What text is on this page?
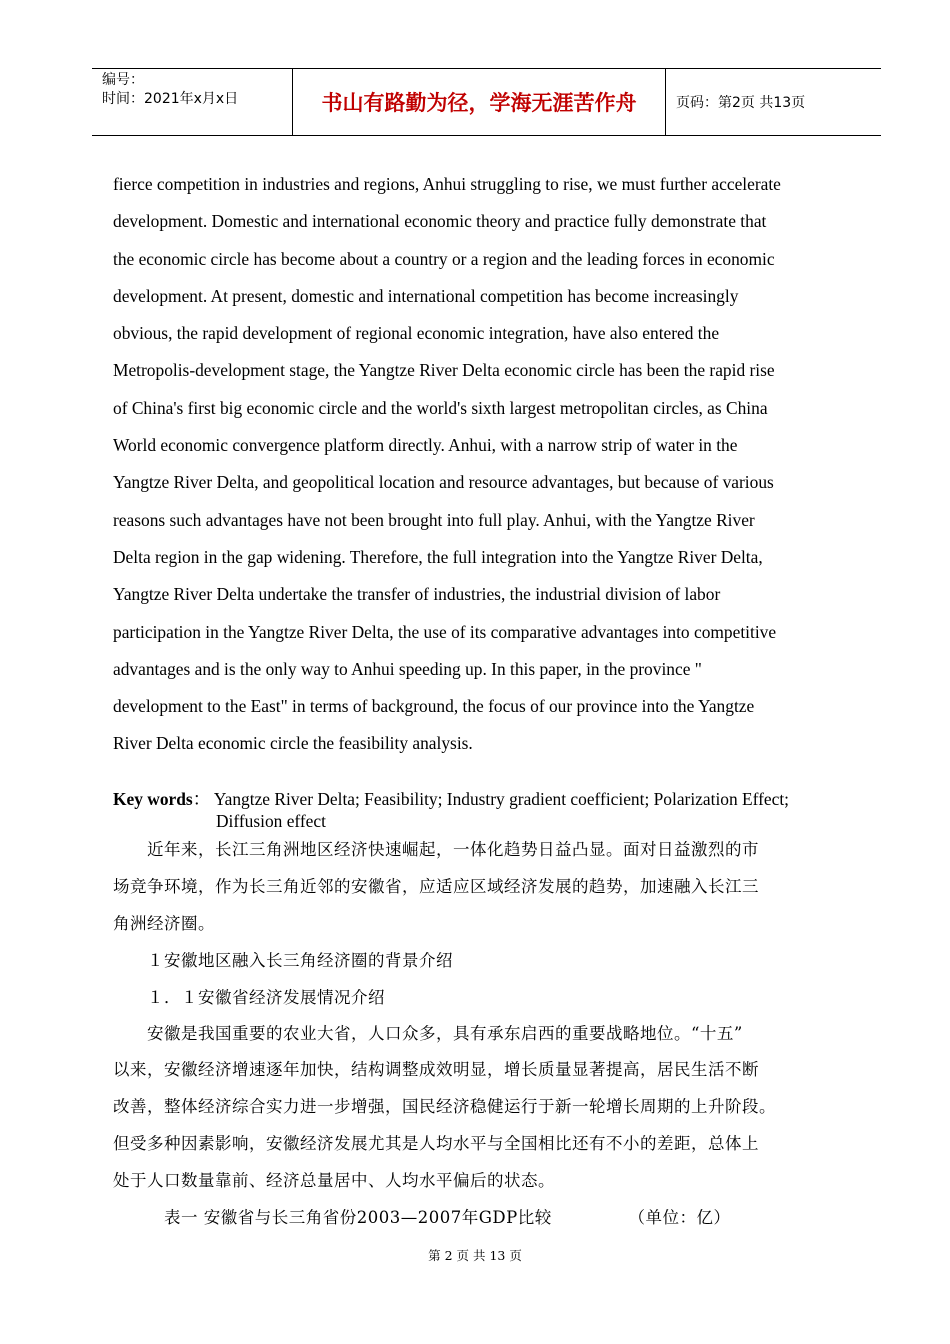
编号：
时间：2021年x月x日	书山有路勤为径，学海无涯苦作舟	页码：第2页 共13页
fierce competition in industries and regions, Anhui struggling to rise, we must further accelerate
development. Domestic and international economic theory and practice fully demonstrate that
the economic circle has become about a country or a region and the leading forces in economic
development. At present, domestic and international competition has become increasingly
obvious, the rapid development of regional economic integration, have also entered the
Metropolis-development stage, the Yangtze River Delta economic circle has been the rapid rise
of China's first big economic circle and the world's sixth largest metropolitan circles, as China
World economic convergence platform directly. Anhui, with a narrow strip of water in the
Yangtze River Delta, and geopolitical location and resource advantages, but because of various
reasons such advantages have not been brought into full play. Anhui, with the Yangtze River
Delta region in the gap widening. Therefore, the full integration into the Yangtze River Delta,
Yangtze River Delta undertake the transfer of industries, the industrial division of labor
participation in the Yangtze River Delta, the use of its comparative advantages into competitive
advantages and is the only way to Anhui speeding up. In this paper, in the province "
development to the East" in terms of background, the focus of our province into the Yangtze
River Delta economic circle the feasibility analysis.
Key words： Yangtze River Delta; Feasibility; Industry gradient coefficient; Polarization Effect;
Diffusion effect
　　近年来，长江三角洲地区经济快速崛起，一体化趋势日益凸显。面对日益激烈的市
场竞争环境，作为长三角近邻的安徽省，应适应区域经济发展的趋势，加速融入长江三
角洲经济圈。
　　１安徽地区融入长三角经济圈的背景介绍
　　１．１安徽省经济发展情况介绍
　　安徽是我国重要的农业大省，人口众多，具有承东启西的重要战略地位。“十五”
以来，安徽经济增速逐年加快，结构调整成效明显，增长质量显著提高，居民生活不断
改善，整体经济综合实力进一步增强，国民经济稳健运行于新一轮增长周期的上升阶段。
但受多种因素影响，安徽经济发展尤其是人均水平与全国相比还有不小的差距，总体上
处于人口数量靠前、经济总量居中、人均水平偏后的状态。
　　　表一 安徽省与长三角省份2003—2007年GDP比较　　　　　（单位：亿）
第 2 页 共 13 页
